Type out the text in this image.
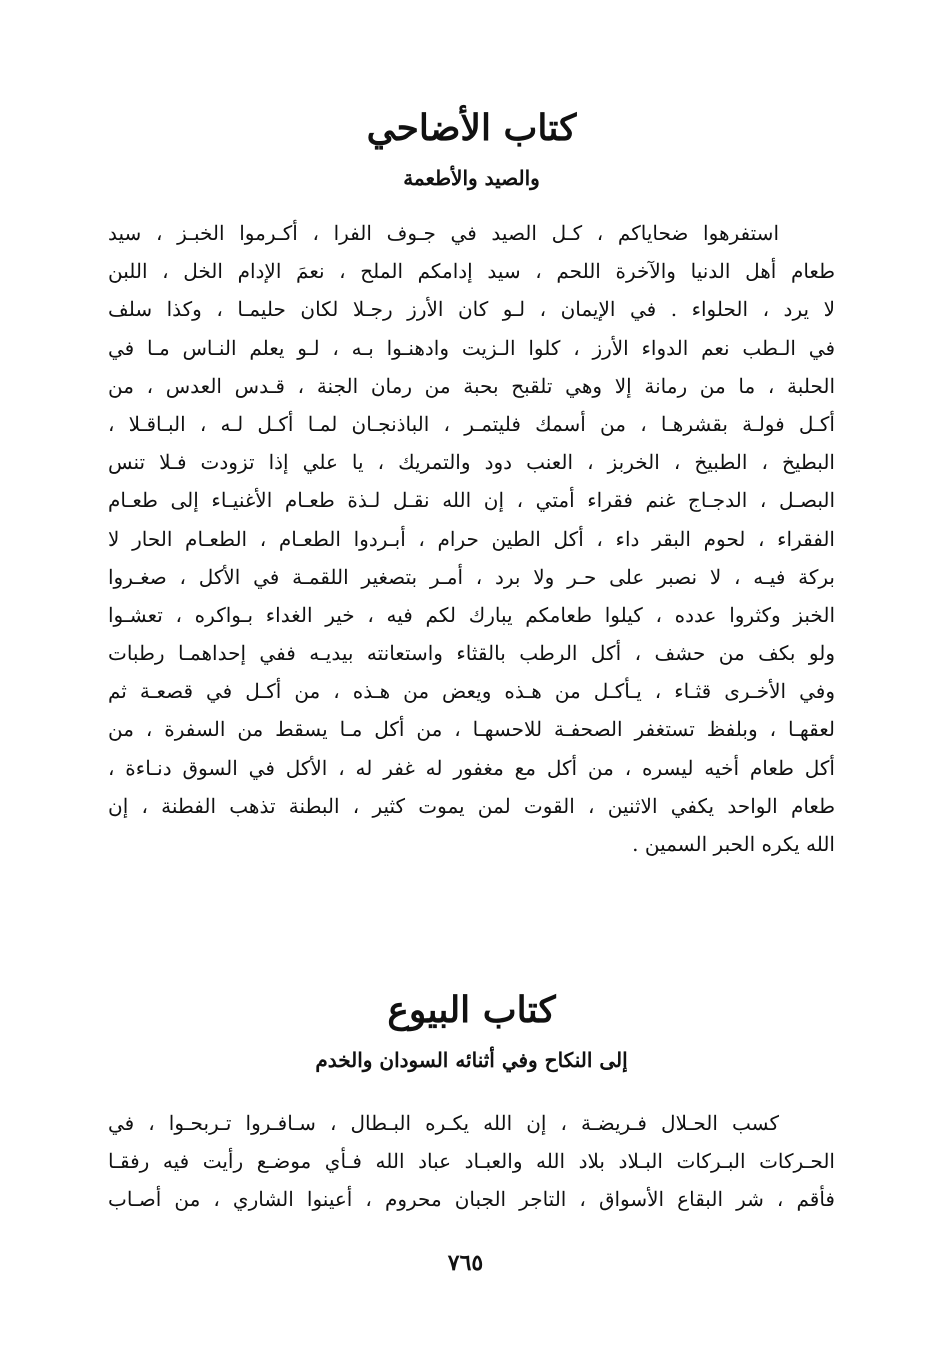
كتاب الأضاحي
والصيد والأطعمة
استفرهوا ضحاياكم ، كـل الصيد في جـوف الفرا ، أكـرموا الخبـز ، سيد
طعام أهل الدنيا والآخرة اللحم ، سيد إدامكم الملح ، نعمَ الإدام الخل ، اللبن
لا يرد ، الحلواء . في الإيمان ، لـو كان الأرز رجـلا لكان حليمـا ، وكذا سلف
في الـطب نعم الدواء الأرز ، كلوا الـزيت وادهنـوا بـه ، لـو يعلم النـاس مـا في
الحلبة ، ما من رمانة إلا وهي تلقبح بحبة من رمان الجنة ، قـدس العدس ، من
أكـل فولـة بقشرهـا ، من أسمك فليتمـر ، الباذنجـان لمـا أكـل لـه ، البـاقـلا ،
البطيخ ، الطبيخ ، الخربز ، العنب دود والتمريك ، يا علي إذا تزودت فـلا تنس
البصـل ، الدجـاج غنم فقراء أمتي ، إن الله نقـل لـذة طعـام الأغنيـاء إلى طعـام
الفقراء ، لحوم البقر داء ، أكل الطين حرام ، أبـردوا الطعـام ، الطعـام الحار لا
بركة فيـه ، لا نصبر على حـر ولا برد ، أمـر بتصغير اللقمـة في الأكل ، صغـروا
الخبز وكثروا عدده ، كيلوا طعامكم يبارك لكم فيه ، خير الغداء بـواكره ، تعشـوا
ولو بكف من حشف ، أكل الرطب بالقثاء واستعانته بيديـه ففي إحداهمـا رطبات
وفي الأخـرى قثـاء ، يـأكـل من هـذه ويعض من هـذه ، من أكـل في قصعـة ثم
لعقهـا ، وبلفظ تستغفر الصحفـة للاحسهـا ، من أكل مـا يسقط من السفرة ، من
أكل طعام أخيه ليسره ، من أكل مع مغفور له غفر له ، الأكل في السوق دنـاءة ،
طعام الواحد يكفي الاثنين ، القوت لمن يموت كثير ، البطنة تذهب الفطنة ، إن
الله يكره الحبر السمين .
كتاب البيوع
إلى النكاح وفي أثنائه السودان والخدم
كسب الحـلال فـريضـة ، إن الله يكـره البـطال ، سـافـروا تـربحـوا ، في
الحـركات البـركات البـلاد بلاد الله والعبـاد عباد الله فـأي موضـع رأيت فيه رفقـا
فأقم ، شر البقاع الأسواق ، التاجر الجبان محروم ، أعينوا الشاري ، من أصـاب
٧٦٥
